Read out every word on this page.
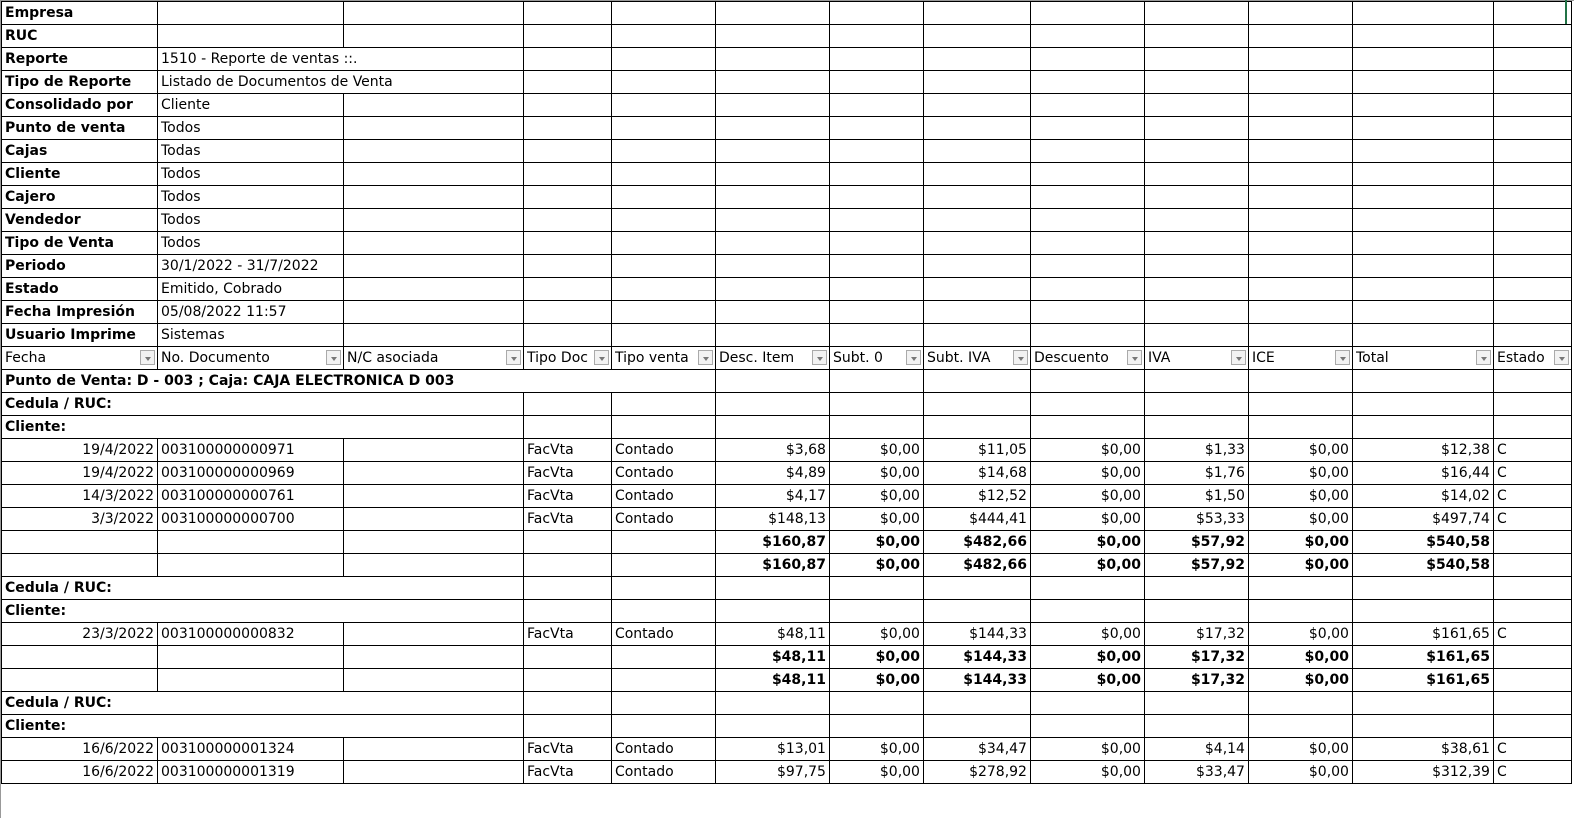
Empresa												
RUC												
Reporte	1510 - Reporte de ventas ::.											
Tipo de Reporte	Listado de Documentos de Venta											
Consolidado por	Cliente											
Punto de venta	Todos											
Cajas	Todas											
Cliente	Todos											
Cajero	Todos											
Vendedor	Todos											
Tipo de Venta	Todos											
Periodo	30/1/2022 - 31/7/2022											
Estado	Emitido, Cobrado											
Fecha Impresión	05/08/2022 11:57											
Usuario Imprime	Sistemas											

Fecha	No. Documento	N/C asociada	Tipo Doc	Tipo venta	Desc. Item	Subt. 0	Subt. IVA	Descuento	IVA	ICE	Total	Estado

Punto de Venta: D - 003 ; Caja: CAJA ELECTRONICA D 003												
Cedula / RUC:												
Cliente:												
19/4/2022	003100000000971		FacVta	Contado	$3,68	$0,00	$11,05	$0,00	$1,33	$0,00	$12,38	C
19/4/2022	003100000000969		FacVta	Contado	$4,89	$0,00	$14,68	$0,00	$1,76	$0,00	$16,44	C
14/3/2022	003100000000761		FacVta	Contado	$4,17	$0,00	$12,52	$0,00	$1,50	$0,00	$14,02	C
3/3/2022	003100000000700		FacVta	Contado	$148,13	$0,00	$444,41	$0,00	$53,33	$0,00	$497,74	C
					$160,87	$0,00	$482,66	$0,00	$57,92	$0,00	$540,58	
					$160,87	$0,00	$482,66	$0,00	$57,92	$0,00	$540,58	
Cedula / RUC:												
Cliente:												
23/3/2022	003100000000832		FacVta	Contado	$48,11	$0,00	$144,33	$0,00	$17,32	$0,00	$161,65	C
					$48,11	$0,00	$144,33	$0,00	$17,32	$0,00	$161,65	
					$48,11	$0,00	$144,33	$0,00	$17,32	$0,00	$161,65	
Cedula / RUC:												
Cliente:												
16/6/2022	003100000001324		FacVta	Contado	$13,01	$0,00	$34,47	$0,00	$4,14	$0,00	$38,61	C
16/6/2022	003100000001319		FacVta	Contado	$97,75	$0,00	$278,92	$0,00	$33,47	$0,00	$312,39	C
